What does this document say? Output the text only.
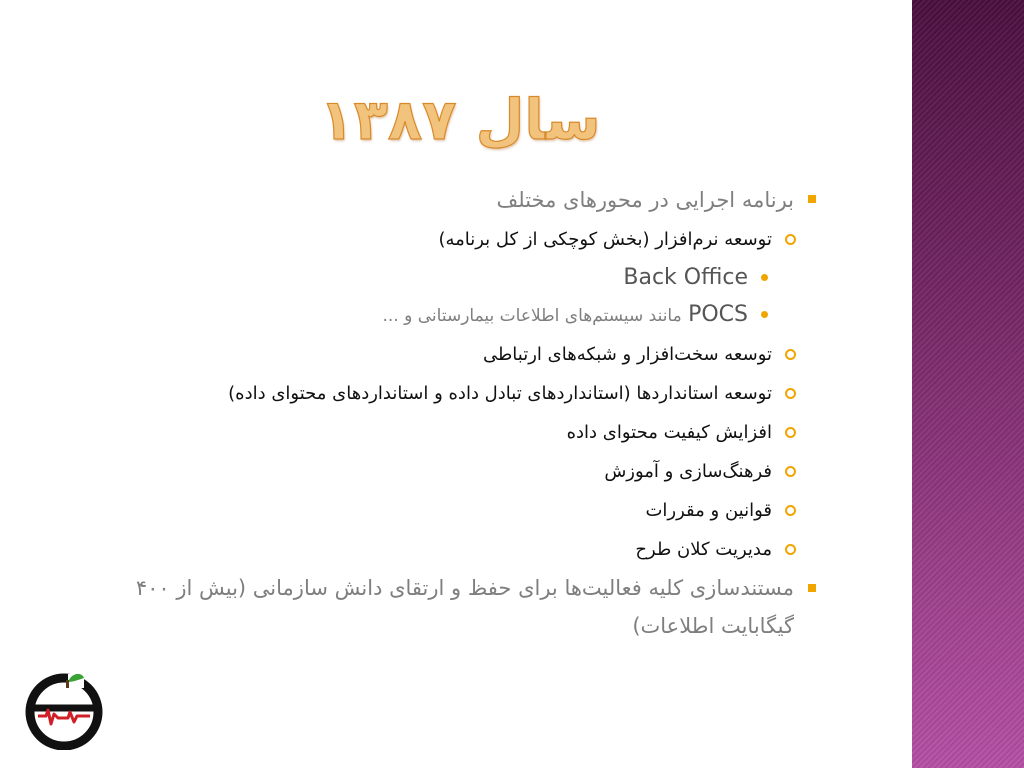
سال ۱۳۸۷
برنامه اجرایی در محورهای مختلف
توسعه نرم‌افزار (بخش کوچکی از کل برنامه)
Back Office
POCS مانند سیستم‌های اطلاعات بیمارستانی و ...
توسعه سخت‌افزار و شبکه‌های ارتباطی
توسعه استانداردها (استانداردهای تبادل داده و استانداردهای محتوای داده)
افزایش کیفیت محتوای داده
فرهنگ‌سازی و آموزش
قوانین و مقررات
مدیریت کلان طرح
مستندسازی کلیه فعالیت‌ها برای حفظ و ارتقای دانش سازمانی (بیش از ۴۰۰ گیگابایت اطلاعات)
